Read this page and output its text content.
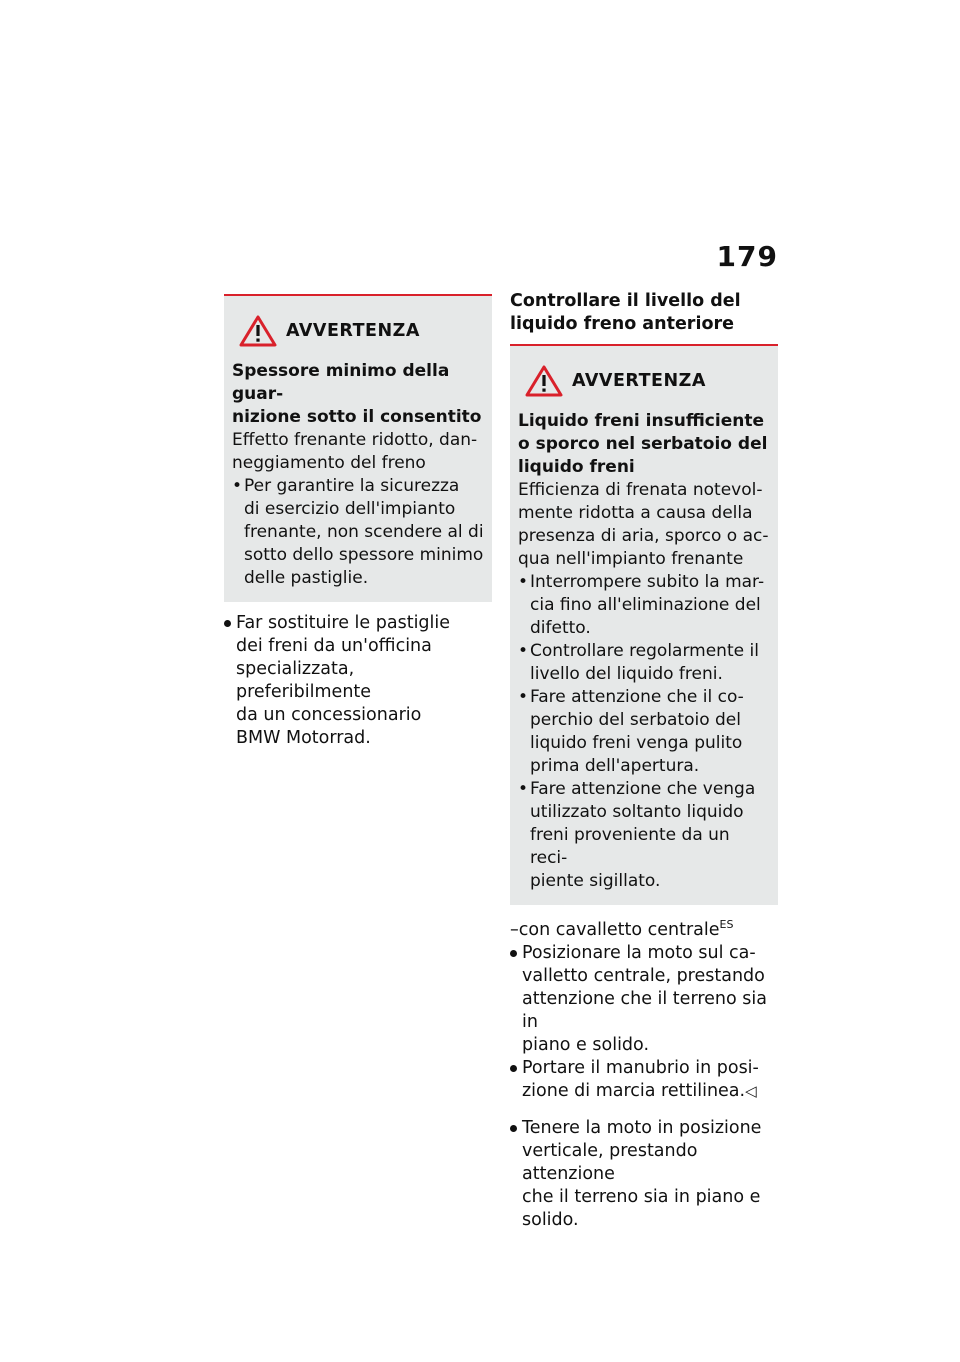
179
AVVERTENZA
Spessore minimo della guar-
nizione sotto il consentito
Effetto frenante ridotto, dan-
neggiamento del freno
• Per garantire la sicurezza
di esercizio dell'impianto
frenante, non scendere al di
sotto dello spessore minimo
delle pastiglie.
Far sostituire le pastiglie
dei freni da un'officina
specializzata, preferibilmente
da un concessionario
BMW Motorrad.
Controllare il livello del
liquido freno anteriore
AVVERTENZA
Liquido freni insufficiente
o sporco nel serbatoio del
liquido freni
Efficienza di frenata notevol-
mente ridotta a causa della
presenza di aria, sporco o ac-
qua nell'impianto frenante
• Interrompere subito la mar-
cia fino all'eliminazione del
difetto.
• Controllare regolarmente il
livello del liquido freni.
• Fare attenzione che il co-
perchio del serbatoio del
liquido freni venga pulito
prima dell'apertura.
• Fare attenzione che venga
utilizzato soltanto liquido
freni proveniente da un reci-
piente sigillato.
–con cavalletto centrale$^{ES}$
Posizionare la moto sul ca-
valletto centrale, prestando
attenzione che il terreno sia in
piano e solido.
Portare il manubrio in posi-
zione di marcia rettilinea.◁
Tenere la moto in posizione
verticale, prestando attenzione
che il terreno sia in piano e
solido.
